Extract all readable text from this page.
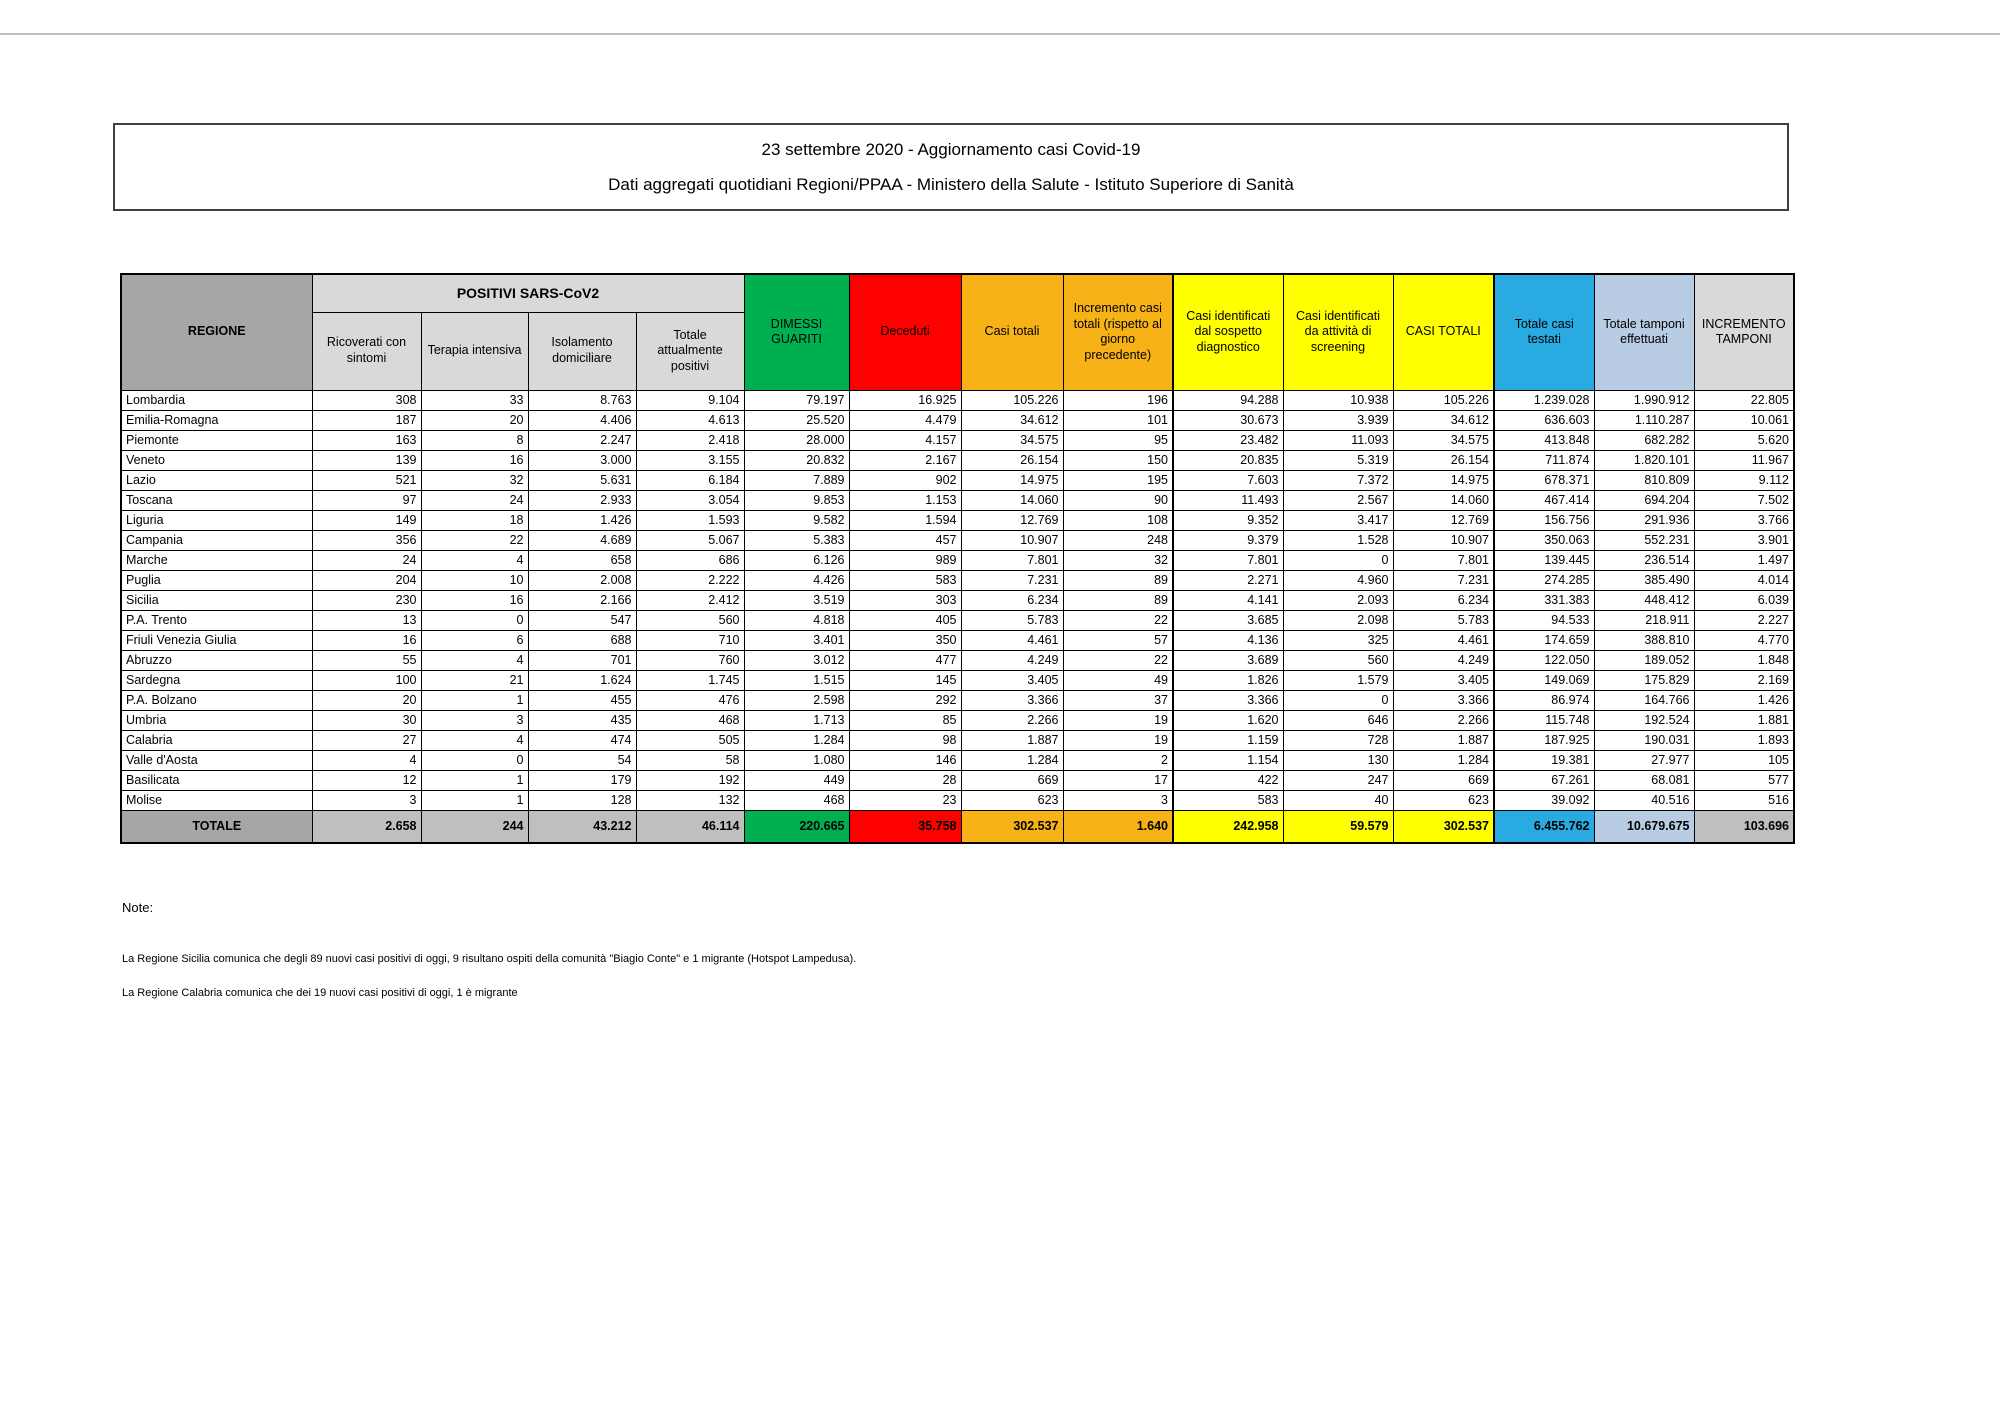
23 settembre 2020 - Aggiornamento casi Covid-19
Dati aggregati quotidiani Regioni/PPAA - Ministero della Salute - Istituto Superiore di Sanità
REGIONE	POSITIVI SARS-CoV2				DIMESSI GUARITI	Deceduti	Casi totali	Incremento casi totali (rispetto al giorno precedente)	Casi identificati dal sospetto diagnostico	Casi identificati da attività di screening	CASI TOTALI	Totale casi testati	Totale tamponi effettuati	INCREMENTO TAMPONI
	Ricoverati con sintomi	Terapia intensiva	Isolamento domiciliare	Totale attualmente positivi										
Lombardia	308	33	8.763	9.104	79.197	16.925	105.226	196	94.288	10.938	105.226	1.239.028	1.990.912	22.805
Emilia-Romagna	187	20	4.406	4.613	25.520	4.479	34.612	101	30.673	3.939	34.612	636.603	1.110.287	10.061
Piemonte	163	8	2.247	2.418	28.000	4.157	34.575	95	23.482	11.093	34.575	413.848	682.282	5.620
Veneto	139	16	3.000	3.155	20.832	2.167	26.154	150	20.835	5.319	26.154	711.874	1.820.101	11.967
Lazio	521	32	5.631	6.184	7.889	902	14.975	195	7.603	7.372	14.975	678.371	810.809	9.112
Toscana	97	24	2.933	3.054	9.853	1.153	14.060	90	11.493	2.567	14.060	467.414	694.204	7.502
Liguria	149	18	1.426	1.593	9.582	1.594	12.769	108	9.352	3.417	12.769	156.756	291.936	3.766
Campania	356	22	4.689	5.067	5.383	457	10.907	248	9.379	1.528	10.907	350.063	552.231	3.901
Marche	24	4	658	686	6.126	989	7.801	32	7.801	0	7.801	139.445	236.514	1.497
Puglia	204	10	2.008	2.222	4.426	583	7.231	89	2.271	4.960	7.231	274.285	385.490	4.014
Sicilia	230	16	2.166	2.412	3.519	303	6.234	89	4.141	2.093	6.234	331.383	448.412	6.039
P.A. Trento	13	0	547	560	4.818	405	5.783	22	3.685	2.098	5.783	94.533	218.911	2.227
Friuli Venezia Giulia	16	6	688	710	3.401	350	4.461	57	4.136	325	4.461	174.659	388.810	4.770
Abruzzo	55	4	701	760	3.012	477	4.249	22	3.689	560	4.249	122.050	189.052	1.848
Sardegna	100	21	1.624	1.745	1.515	145	3.405	49	1.826	1.579	3.405	149.069	175.829	2.169
P.A. Bolzano	20	1	455	476	2.598	292	3.366	37	3.366	0	3.366	86.974	164.766	1.426
Umbria	30	3	435	468	1.713	85	2.266	19	1.620	646	2.266	115.748	192.524	1.881
Calabria	27	4	474	505	1.284	98	1.887	19	1.159	728	1.887	187.925	190.031	1.893
Valle d'Aosta	4	0	54	58	1.080	146	1.284	2	1.154	130	1.284	19.381	27.977	105
Basilicata	12	1	179	192	449	28	669	17	422	247	669	67.261	68.081	577
Molise	3	1	128	132	468	23	623	3	583	40	623	39.092	40.516	516
TOTALE	2.658	244	43.212	46.114	220.665	35.758	302.537	1.640	242.958	59.579	302.537	6.455.762	10.679.675	103.696
Note:

La Regione Sicilia comunica che degli 89 nuovi casi positivi di oggi, 9 risultano ospiti della comunità "Biagio Conte" e 1 migrante (Hotspot Lampedusa).

La Regione Calabria comunica che dei 19 nuovi casi positivi di oggi, 1 è migrante
